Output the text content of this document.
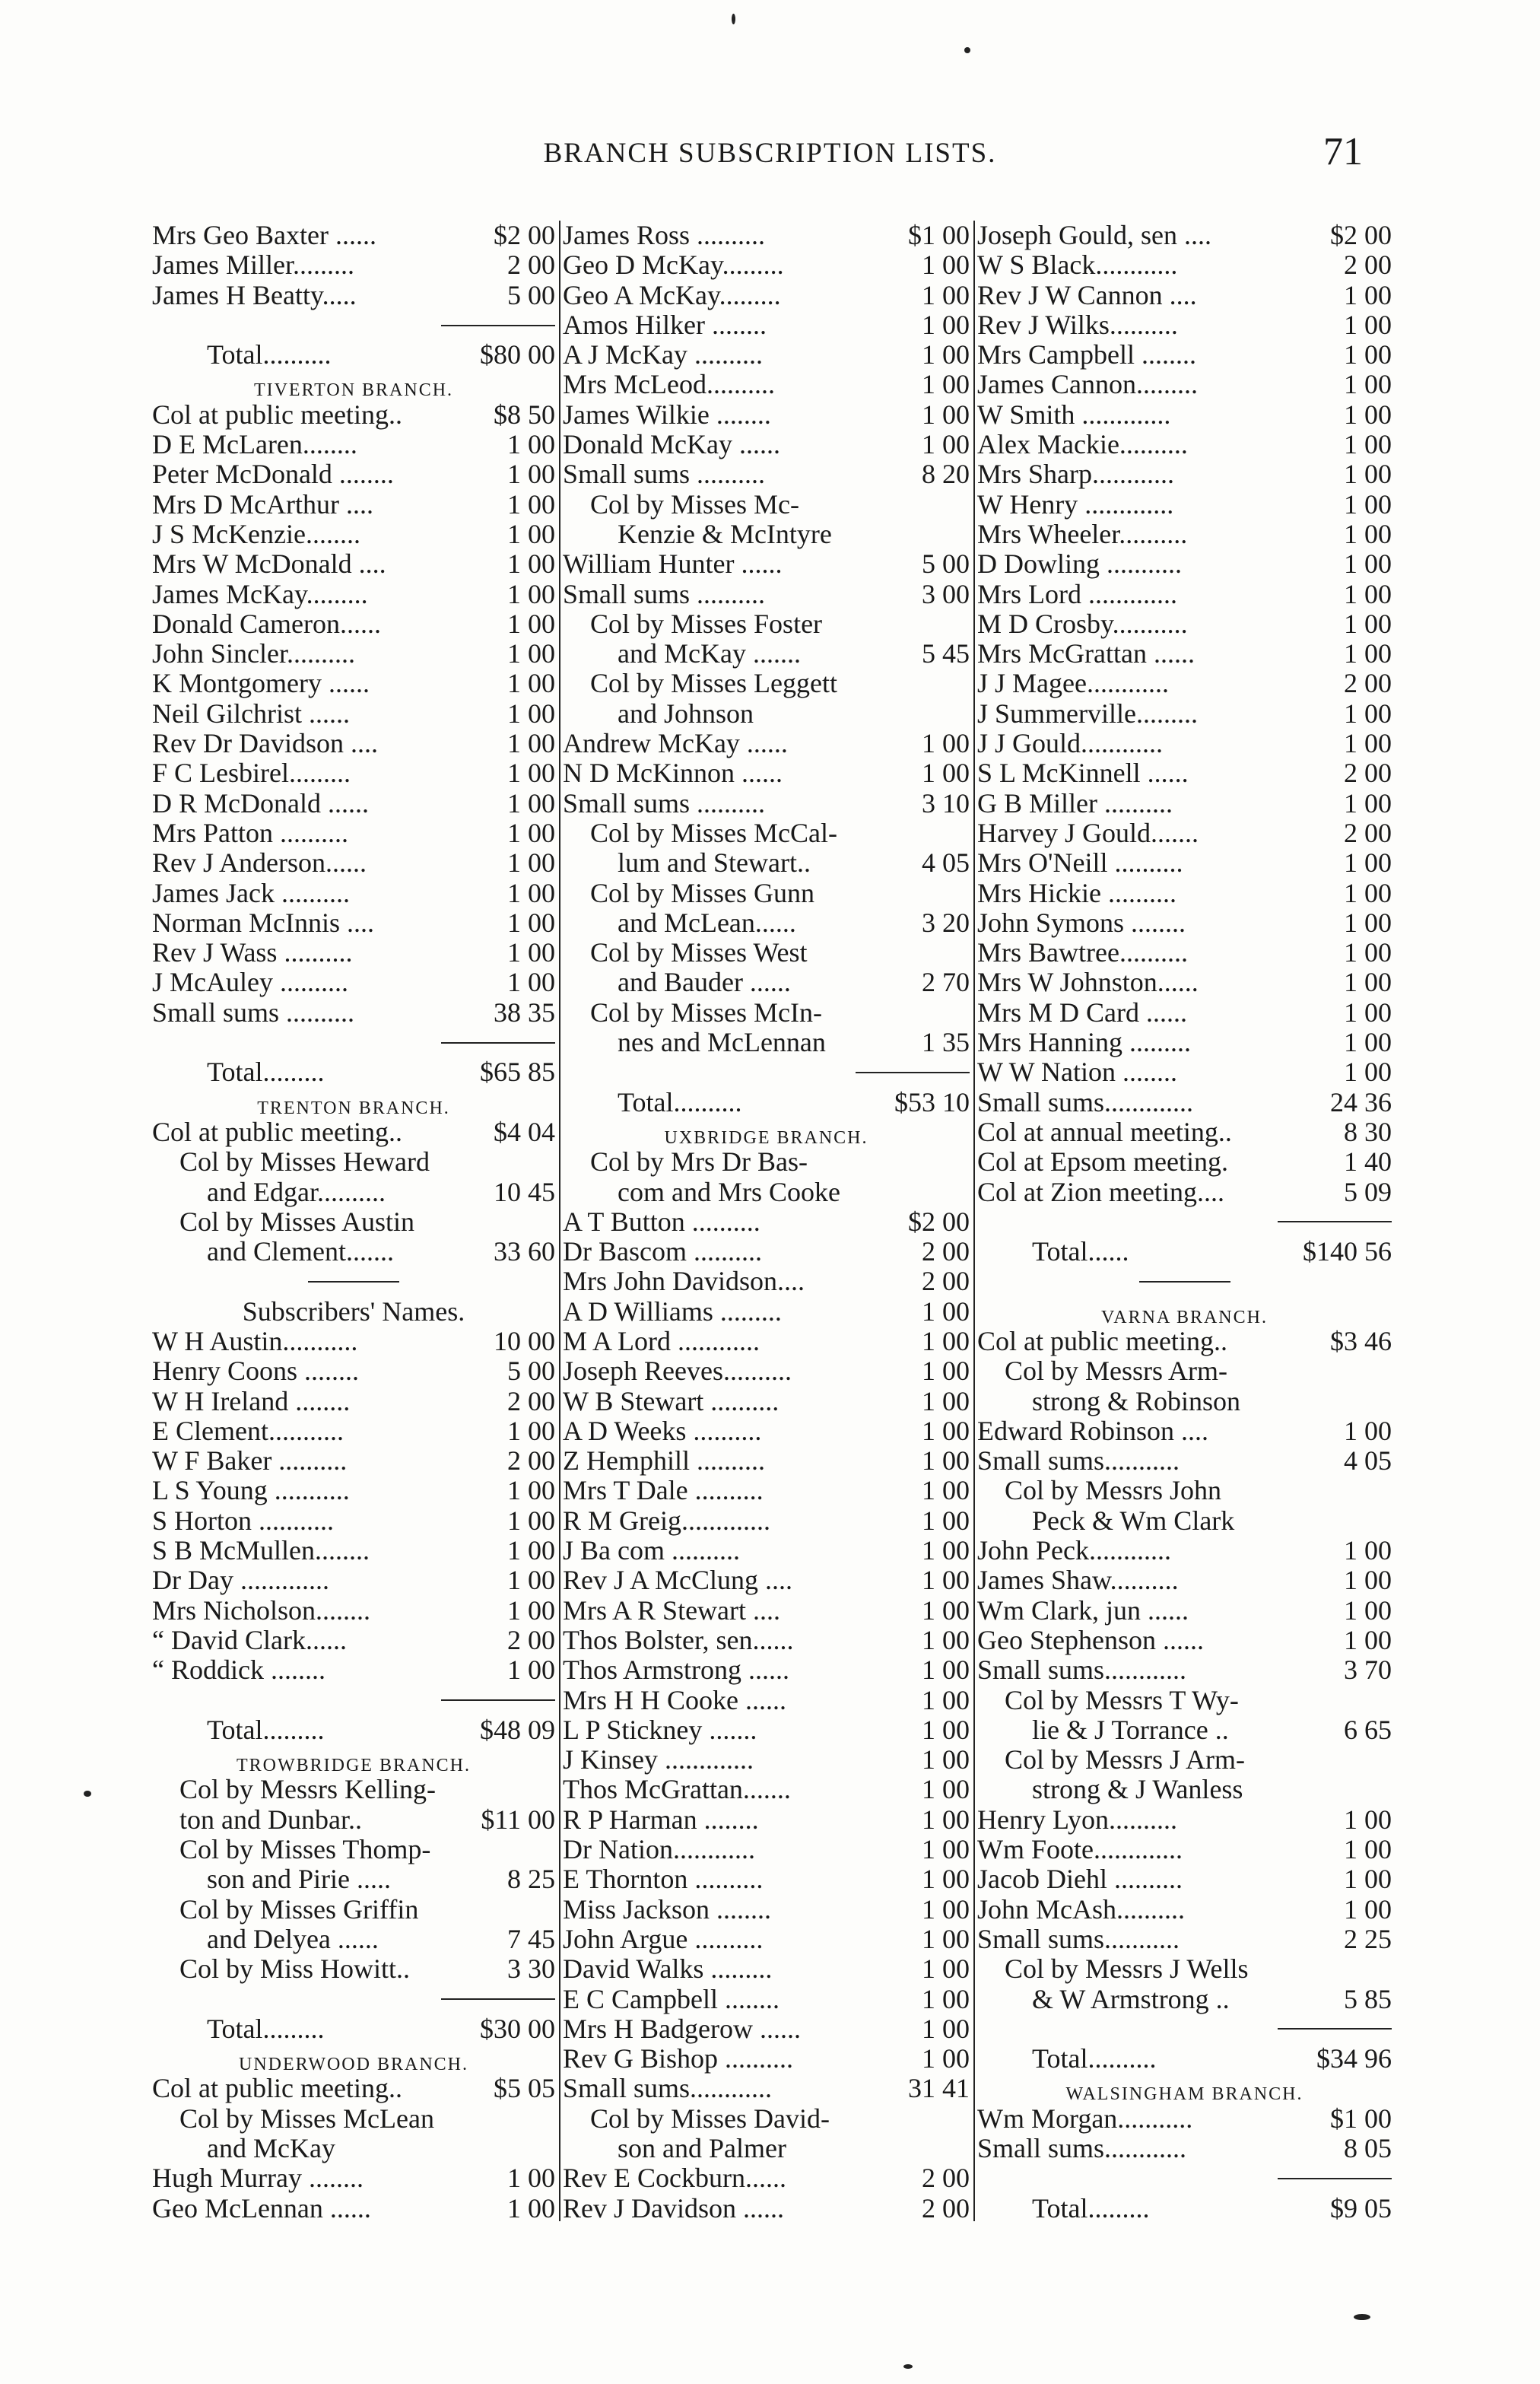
BRANCH SUBSCRIPTION LISTS.	71
Mrs Geo Baxter ......	$2 00
James Miller.........	2 00
James H Beatty.....	5 00
Total..........	$80 00
TIVERTON BRANCH.
Col at public meeting..	$8 50
D E McLaren........	1 00
Peter McDonald ........	1 00
Mrs D McArthur ....	1 00
J S McKenzie........	1 00
Mrs W McDonald ....	1 00
James McKay.........	1 00
Donald Cameron......	1 00
John Sincler..........	1 00
K Montgomery ......	1 00
Neil Gilchrist ......	1 00
Rev Dr Davidson ....	1 00
F C Lesbirel.........	1 00
D R McDonald ......	1 00
Mrs Patton ..........	1 00
Rev J Anderson......	1 00
James Jack ..........	1 00
Norman McInnis ....	1 00
Rev J Wass ..........	1 00
J McAuley ..........	1 00
Small sums ..........	38 35
Total.........	$65 85
TRENTON BRANCH.
Col at public meeting..	$4 04
Col by Misses Heward
and Edgar..........	10 45
Col by Misses Austin
and Clement.......	33 60
Subscribers' Names.
W H Austin...........	10 00
Henry Coons ........	5 00
W H Ireland ........	2 00
E Clement...........	1 00
W F Baker ..........	2 00
L S Young ...........	1 00
S Horton ...........	1 00
S B McMullen........	1 00
Dr Day .............	1 00
Mrs Nicholson........	1 00
“ David Clark......	2 00
“ Roddick ........	1 00
Total.........	$48 09
TROWBRIDGE BRANCH.
Col by Messrs Kelling-
ton and Dunbar..	$11 00
Col by Misses Thomp-
son and Pirie .....	8 25
Col by Misses Griffin
and Delyea ......	7 45
Col by Miss Howitt..	3 30
Total.........	$30 00
UNDERWOOD BRANCH.
Col at public meeting..	$5 05
Col by Misses McLean
and McKay
Hugh Murray ........	1 00
Geo McLennan ......	1 00
James Ross ..........	$1 00
Geo D McKay.........	1 00
Geo A McKay.........	1 00
Amos Hilker ........	1 00
A J McKay ..........	1 00
Mrs McLeod..........	1 00
James Wilkie ........	1 00
Donald McKay ......	1 00
Small sums ..........	8 20
Col by Misses Mc-
Kenzie & McIntyre
William Hunter ......	5 00
Small sums ..........	3 00
Col by Misses Foster
and McKay .......	5 45
Col by Misses Leggett
and Johnson
Andrew McKay ......	1 00
N D McKinnon ......	1 00
Small sums ..........	3 10
Col by Misses McCal-
lum and Stewart..	4 05
Col by Misses Gunn
and McLean......	3 20
Col by Misses West
and Bauder ......	2 70
Col by Misses McIn-
nes and McLennan	1 35
Total..........	$53 10
UXBRIDGE BRANCH.
Col by Mrs Dr Bas-
com and Mrs Cooke
A T Button ..........	$2 00
Dr Bascom ..........	2 00
Mrs John Davidson....	2 00
A D Williams .........	1 00
M A Lord ............	1 00
Joseph Reeves..........	1 00
W B Stewart ..........	1 00
A D Weeks ..........	1 00
Z Hemphill ..........	1 00
Mrs T Dale ..........	1 00
R M Greig.............	1 00
J Ba com ..........	1 00
Rev J A McClung ....	1 00
Mrs A R Stewart ....	1 00
Thos Bolster, sen......	1 00
Thos Armstrong ......	1 00
Mrs H H Cooke ......	1 00
L P Stickney .......	1 00
J Kinsey .............	1 00
Thos McGrattan.......	1 00
R P Harman ........	1 00
Dr Nation............	1 00
E Thornton ..........	1 00
Miss Jackson ........	1 00
John Argue ..........	1 00
David Walks .........	1 00
E C Campbell ........	1 00
Mrs H Badgerow ......	1 00
Rev G Bishop ..........	1 00
Small sums............	31 41
Col by Misses David-
son and Palmer
Rev E Cockburn......	2 00
Rev J Davidson ......	2 00
Joseph Gould, sen ....	$2 00
W S Black............	2 00
Rev J W Cannon ....	1 00
Rev J Wilks..........	1 00
Mrs Campbell ........	1 00
James Cannon.........	1 00
W Smith .............	1 00
Alex Mackie..........	1 00
Mrs Sharp............	1 00
W Henry .............	1 00
Mrs Wheeler..........	1 00
D Dowling ...........	1 00
Mrs Lord .............	1 00
M D Crosby...........	1 00
Mrs McGrattan ......	1 00
J J Magee............	2 00
J Summerville.........	1 00
J J Gould............	1 00
S L McKinnell ......	2 00
G B Miller ..........	1 00
Harvey J Gould.......	2 00
Mrs O'Neill ..........	1 00
Mrs Hickie ..........	1 00
John Symons ........	1 00
Mrs Bawtree..........	1 00
Mrs W Johnston......	1 00
Mrs M D Card ......	1 00
Mrs Hanning .........	1 00
W W Nation ........	1 00
Small sums.............	24 36
Col at annual meeting..	8 30
Col at Epsom meeting.	1 40
Col at Zion meeting....	5 09
Total......	$140 56
VARNA BRANCH.
Col at public meeting..	$3 46
Col by Messrs Arm-
strong & Robinson
Edward Robinson ....	1 00
Small sums...........	4 05
Col by Messrs John
Peck & Wm Clark
John Peck............	1 00
James Shaw..........	1 00
Wm Clark, jun ......	1 00
Geo Stephenson ......	1 00
Small sums............	3 70
Col by Messrs T Wy-
lie & J Torrance ..	6 65
Col by Messrs J Arm-
strong & J Wanless
Henry Lyon..........	1 00
Wm Foote.............	1 00
Jacob Diehl ..........	1 00
John McAsh..........	1 00
Small sums...........	2 25
Col by Messrs J Wells
& W Armstrong ..	5 85
Total..........	$34 96
WALSINGHAM BRANCH.
Wm Morgan...........	$1 00
Small sums............	8 05
Total.........	$9 05
